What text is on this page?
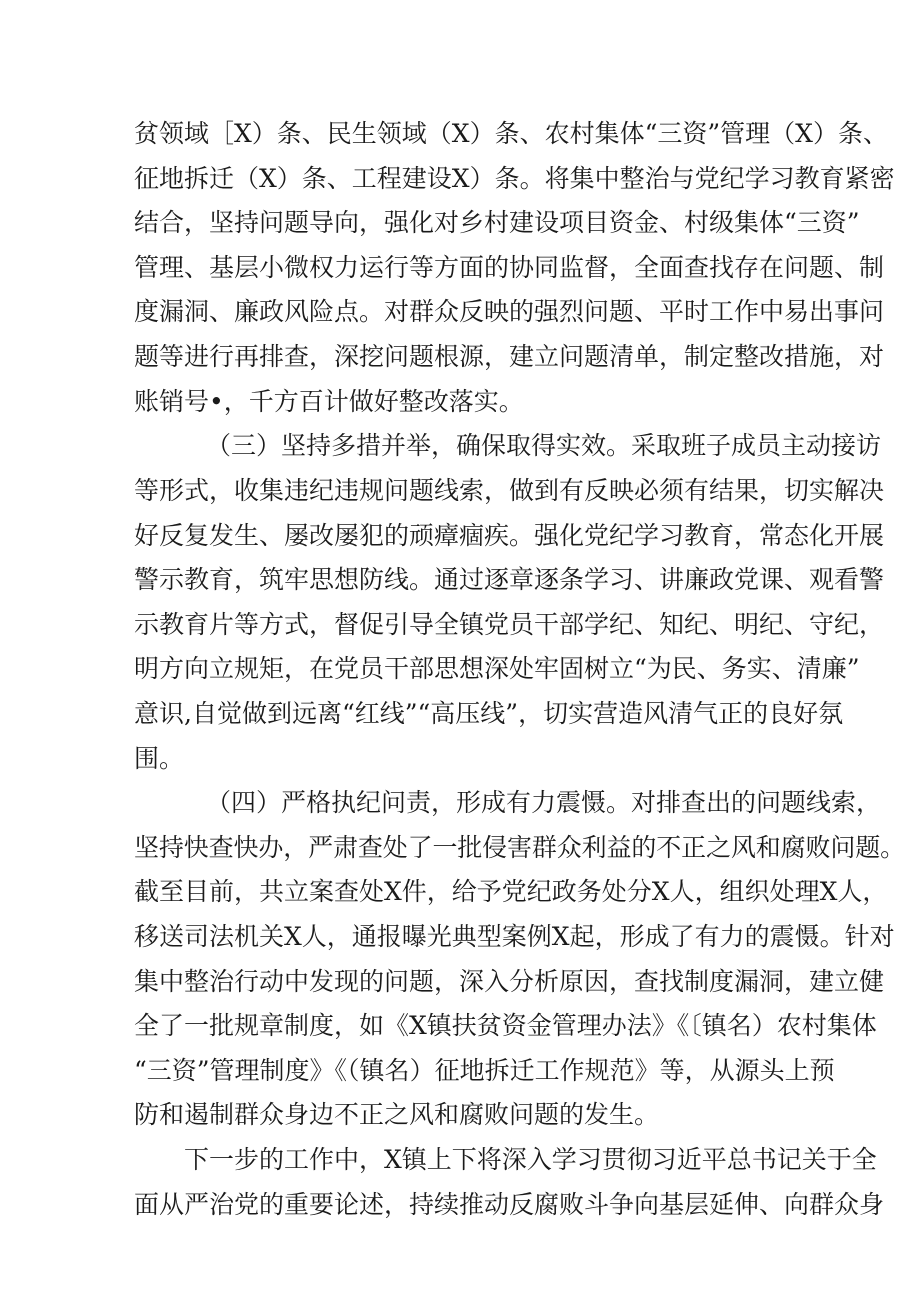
贫领域［X）条、民生领域（X）条、农村集体“三资”管理（X）条、
征地拆迁（X）条、工程建设X）条。将集中整治与党纪学习教育紧密
结合，坚持问题导向，强化对乡村建设项目资金、村级集体“三资”
管理、基层小微权力运行等方面的协同监督，全面查找存在问题、制
度漏洞、廉政风险点。对群众反映的强烈问题、平时工作中易出事问
题等进行再排查，深挖问题根源，建立问题清单，制定整改措施，对
账销号•，千方百计做好整改落实。
（三）坚持多措并举，确保取得实效。采取班子成员主动接访
等形式，收集违纪违规问题线索，做到有反映必须有结果，切实解决
好反复发生、屡改屡犯的顽瘴痼疾。强化党纪学习教育，常态化开展
警示教育，筑牢思想防线。通过逐章逐条学习、讲廉政党课、观看警
示教育片等方式，督促引导全镇党员干部学纪、知纪、明纪、守纪，
明方向立规矩，在党员干部思想深处牢固树立“为民、务实、清廉”
意识,自觉做到远离“红线”“高压线”，切实营造风清气正的良好氛
围。
（四）严格执纪问责，形成有力震慑。对排查出的问题线索，
坚持快查快办，严肃查处了一批侵害群众利益的不正之风和腐败问题。
截至目前，共立案查处X件，给予党纪政务处分X人，组织处理X人，
移送司法机关X人，通报曝光典型案例X起，形成了有力的震慑。针对
集中整治行动中发现的问题，深入分析原因，查找制度漏洞，建立健
全了一批规章制度，如《X镇扶贫资金管理办法》《〔镇名）农村集体
“三资”管理制度》《（镇名）征地拆迁工作规范》等，从源头上预
防和遏制群众身边不正之风和腐败问题的发生。
下一步的工作中，X镇上下将深入学习贯彻习近平总书记关于全
面从严治党的重要论述，持续推动反腐败斗争向基层延伸、向群众身
